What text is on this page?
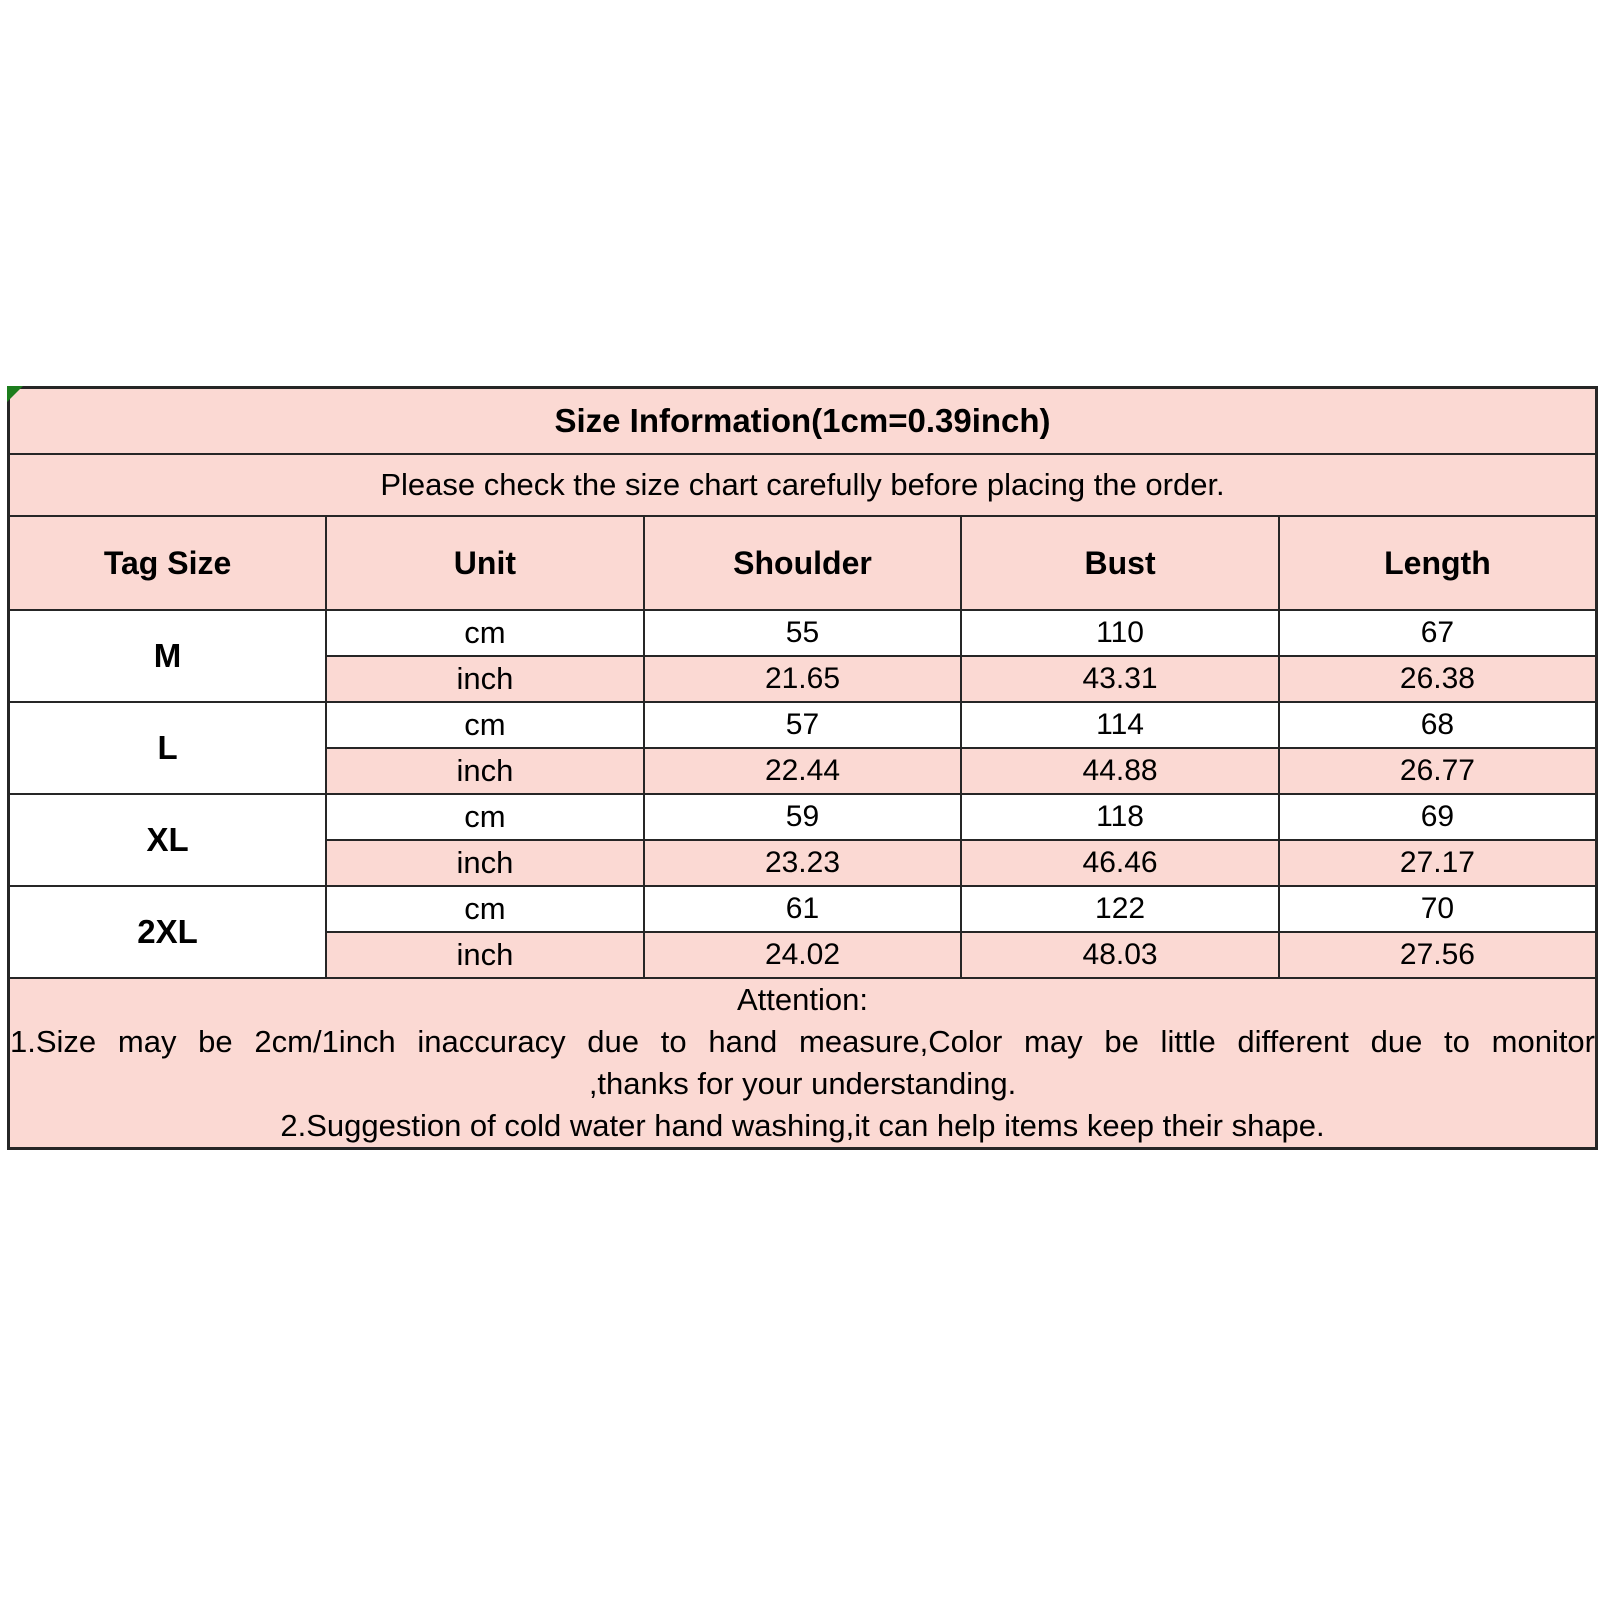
Size Information(1cm=0.39inch)				
Please check the size chart carefully before placing the order.				
Tag Size	Unit	Shoulder	Bust	Length
M	cm	55	110	67
	inch	21.65	43.31	26.38
L	cm	57	114	68
	inch	22.44	44.88	26.77
XL	cm	59	118	69
	inch	23.23	46.46	27.17
2XL	cm	61	122	70
	inch	24.02	48.03	27.56

Attention:
1.Size may be 2cm/1inch inaccuracy due to hand measure,Color may be little different due to monitor
,thanks for your understanding.
2.Suggestion of cold water hand washing,it can help items keep their shape.				
